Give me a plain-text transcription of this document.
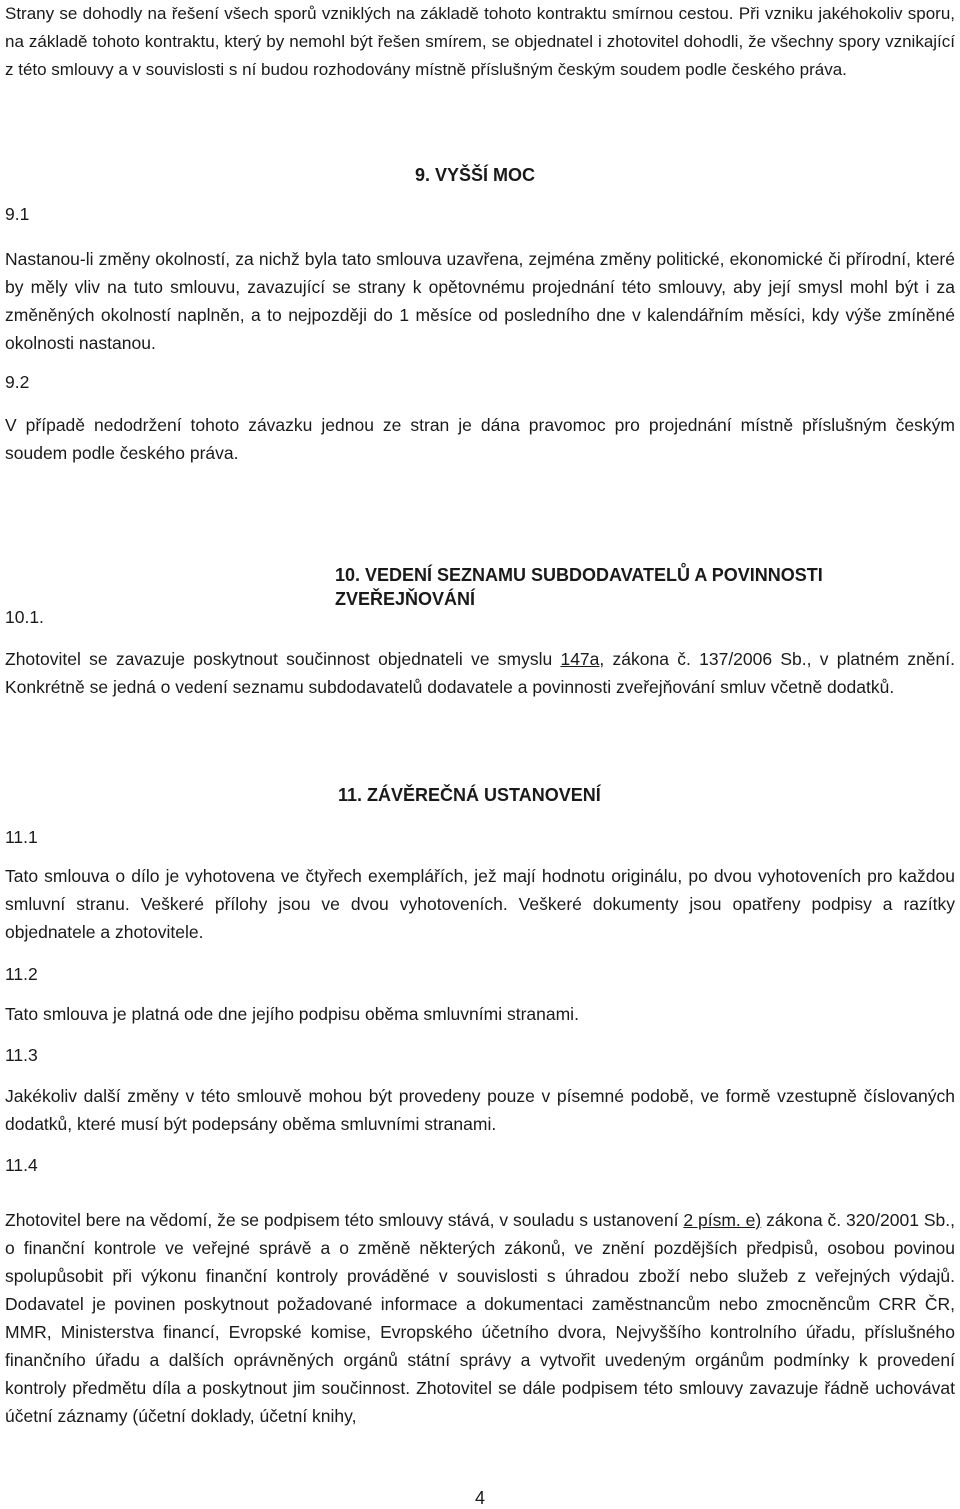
Strany se dohodly na řešení všech sporů vzniklých na základě tohoto kontraktu smírnou cestou. Při vzniku jakéhokoliv sporu, na základě tohoto kontraktu, který by nemohl být řešen smírem, se objednatel i zhotovitel dohodli, že všechny spory vznikající z této smlouvy a v souvislosti s ní budou rozhodovány místně příslušným českým soudem podle českého práva.

9.1

9. VYŠŠÍ MOC

Nastanou-li změny okolností, za nichž byla tato smlouva uzavřena, zejména změny politické, ekonomické či přírodní, které by měly vliv na tuto smlouvu, zavazující se strany k opětovnému projednání této smlouvy, aby její smysl mohl být i za změněných okolností naplněn, a to nejpozději do 1 měsíce od posledního dne v kalendářním měsíci, kdy výše zmíněné okolnosti nastanou.

9.2

V případě nedodržení tohoto závazku jednou ze stran je dána pravomoc pro projednání místně příslušným českým soudem podle českého práva.

10. VEDENÍ SEZNAMU SUBDODAVATELŮ A POVINNOSTI ZVEŘEJŇOVÁNÍ

10.1.

Zhotovitel se zavazuje poskytnout součinnost objednateli ve smyslu 147a, zákona č. 137/2006 Sb., v platném znění. Konkrétně se jedná o vedení seznamu subdodavatelů dodavatele a povinnosti zveřejňování smluv včetně dodatků.

11. ZÁVĚREČNÁ USTANOVENÍ

11.1

Tato smlouva o dílo je vyhotovena ve čtyřech exemplářích, jež mají hodnotu originálu, po dvou vyhotoveních pro každou smluvní stranu. Veškeré přílohy jsou ve dvou vyhotoveních. Veškeré dokumenty jsou opatřeny podpisy a razítky objednatele a zhotovitele.

11.2

Tato smlouva je platná ode dne jejího podpisu oběma smluvními stranami.

11.3

Jakékoliv další změny v této smlouvě mohou být provedeny pouze v písemné podobě, ve formě vzestupně číslovaných dodatků, které musí být podepsány oběma smluvními stranami.

11.4

Zhotovitel bere na vědomí, že se podpisem této smlouvy stává, v souladu s ustanovení 2 písm. e) zákona č. 320/2001 Sb., o finanční kontrole ve veřejné správě a o změně některých zákonů, ve znění pozdějších předpisů, osobou povinou spolupůsobit při výkonu finanční kontroly prováděné v souvislosti s úhradou zboží nebo služeb z veřejných výdajů. Dodavatel je povinen poskytnout požadované informace a dokumentaci zaměstnancům nebo zmocněncům CRR ČR, MMR, Ministerstva financí, Evropské komise, Evropského účetního dvora, Nejvyššího kontrolního úřadu, příslušného finančního úřadu a dalších oprávněných orgánů státní správy a vytvořit uvedeným orgánům podmínky k provedení kontroly předmětu díla a poskytnout jim součinnost. Zhotovitel se dále podpisem této smlouvy zavazuje řádně uchovávat účetní záznamy (účetní doklady, účetní knihy,

4
